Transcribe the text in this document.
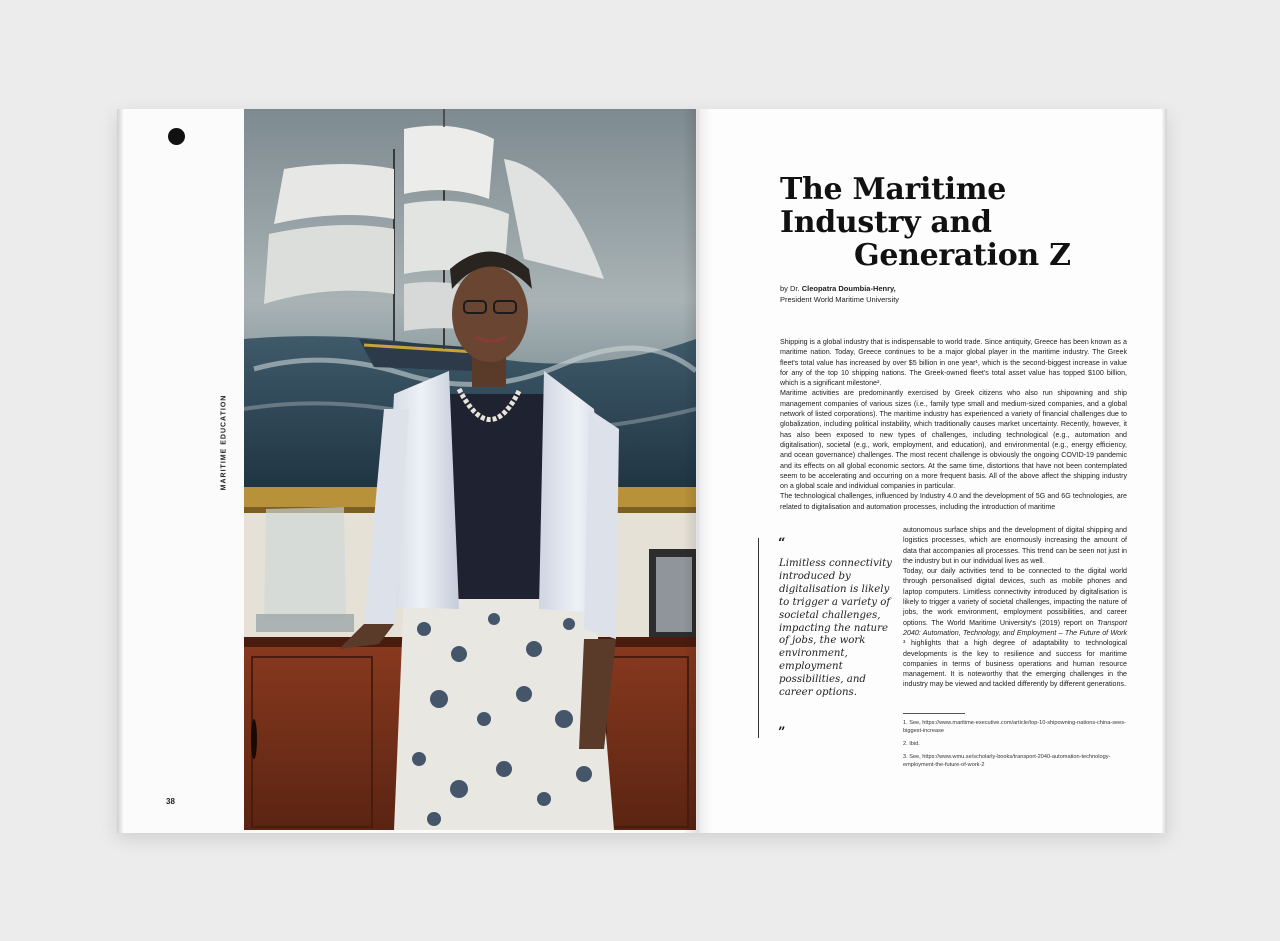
MARITIME EDUCATION
38
The Maritime
Industry and
Generation Z
by Dr. Cleopatra Doumbia-Henry,
President World Maritime University

Shipping is a global industry that is indispensable to world trade. Since antiquity, Greece has been known as a maritime nation. Today, Greece continues to be a major global player in the maritime industry. The Greek fleet's total value has increased by over $5 billion in one year¹, which is the second-biggest increase in value for any of the top 10 shipping nations. The Greek-owned fleet's total asset value has topped $100 billion, which is a significant milestone².

Maritime activities are predominantly exercised by Greek citizens who also run shipowning and ship management companies of various sizes (i.e., family type small and medium-sized companies, and a global network of listed corporations). The maritime industry has experienced a variety of financial challenges due to globalization, including political instability, which traditionally causes market uncertainty. Recently, however, it has also been exposed to new types of challenges, including technological (e.g., automation and digitalisation), societal (e.g., work, employment, and education), and environmental (e.g., energy efficiency, and ocean governance) challenges. The most recent challenge is obviously the ongoing COVID-19 pandemic and its effects on all global economic sectors. At the same time, distortions that have not been contemplated seem to be accelerating and occurring on a more frequent basis. All of the above affect the shipping industry on a global scale and individual companies in particular.

The technological challenges, influenced by Industry 4.0 and the development of 5G and 6G technologies, are related to digitalisation and automation processes, including the introduction of maritime

“
Limitless connectivity introduced by digitalisation is likely to trigger a variety of societal challenges, impacting the nature of jobs, the work environment, employment possibilities, and career options.
”

autonomous surface ships and the development of digital shipping and logistics processes, which are enormously increasing the amount of data that accompanies all processes. This trend can be seen not just in the industry but in our individual lives as well.

Today, our daily activities tend to be connected to the digital world through personalised digital devices, such as mobile phones and laptop computers. Limitless connectivity introduced by digitalisation is likely to trigger a variety of societal challenges, impacting the nature of jobs, the work environment, employment possibilities, and career options. The World Maritime University's (2019) report on Transport 2040: Automation, Technology, and Employment – The Future of Work ³ highlights that a high degree of adaptability to technological developments is the key to resilience and success for maritime companies in terms of business operations and human resource management. It is noteworthy that the emerging challenges in the industry may be viewed and tackled differently by different generations.

1. See, https://www.maritime-executive.com/article/top-10-shipowning-nations-china-sees-biggest-increase
2. Ibid.
3. See, https://www.wmu.se/scholarly-books/transport-2040-automation-technology-employment-the-future-of-work-2
